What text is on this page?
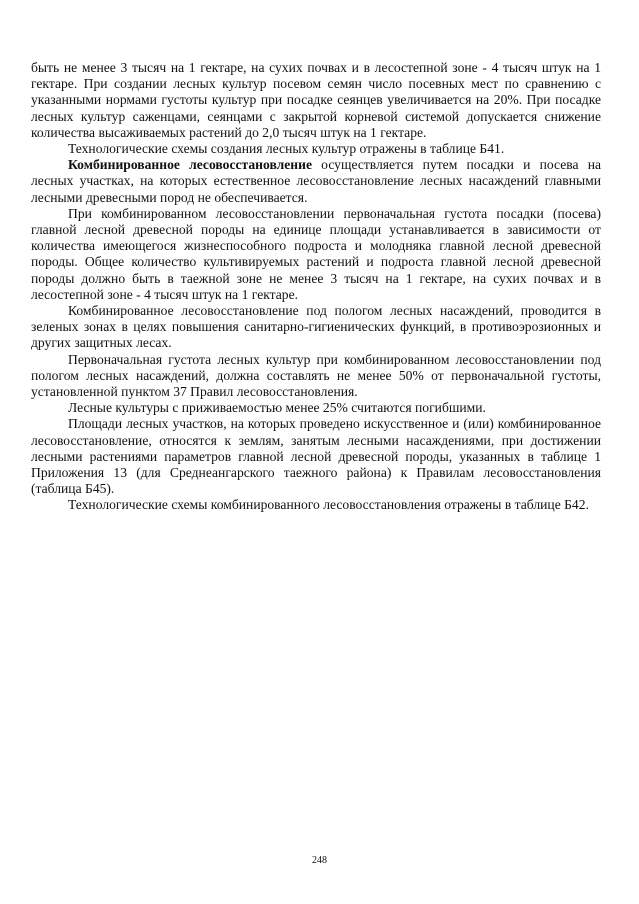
быть не менее 3 тысяч на 1 гектаре, на сухих почвах и в лесостепной зоне - 4 тысяч штук на 1 гектаре. При создании лесных культур посевом семян число посевных мест по сравнению с указанными нормами густоты культур при посадке сеянцев увеличивается на 20%. При посадке лесных культур саженцами, сеянцами с закрытой корневой системой допускается снижение количества высаживаемых растений до 2,0 тысяч штук на 1 гектаре.

Технологические схемы создания лесных культур отражены в таблице Б41.

Комбинированное лесовосстановление осуществляется путем посадки и посева на лесных участках, на которых естественное лесовосстановление лесных насаждений главными лесными древесными пород не обеспечивается.

При комбинированном лесовосстановлении первоначальная густота посадки (посева) главной лесной древесной породы на единице площади устанавливается в зависимости от количества имеющегося жизнеспособного подроста и молодняка главной лесной древесной породы. Общее количество культивируемых растений и подроста главной лесной древесной породы должно быть в таежной зоне не менее 3 тысяч на 1 гектаре, на сухих почвах и в лесостепной зоне - 4 тысяч штук на 1 гектаре.

Комбинированное лесовосстановление под пологом лесных насаждений, проводится в зеленых зонах в целях повышения санитарно-гигиенических функций, в противоэрозионных и других защитных лесах.

Первоначальная густота лесных культур при комбинированном лесовосстановлении под пологом лесных насаждений, должна составлять не менее 50% от первоначальной густоты, установленной пунктом 37 Правил лесовосстановления.

Лесные культуры с приживаемостью менее 25% считаются погибшими.

Площади лесных участков, на которых проведено искусственное и (или) комбинированное лесовосстановление, относятся к землям, занятым лесными насаждениями, при достижении лесными растениями параметров главной лесной древесной породы, указанных в таблице 1 Приложения 13 (для Среднеангарского таежного района) к Правилам лесовосстановления (таблица Б45).

Технологические схемы комбинированного лесовосстановления отражены в таблице Б42.

248
